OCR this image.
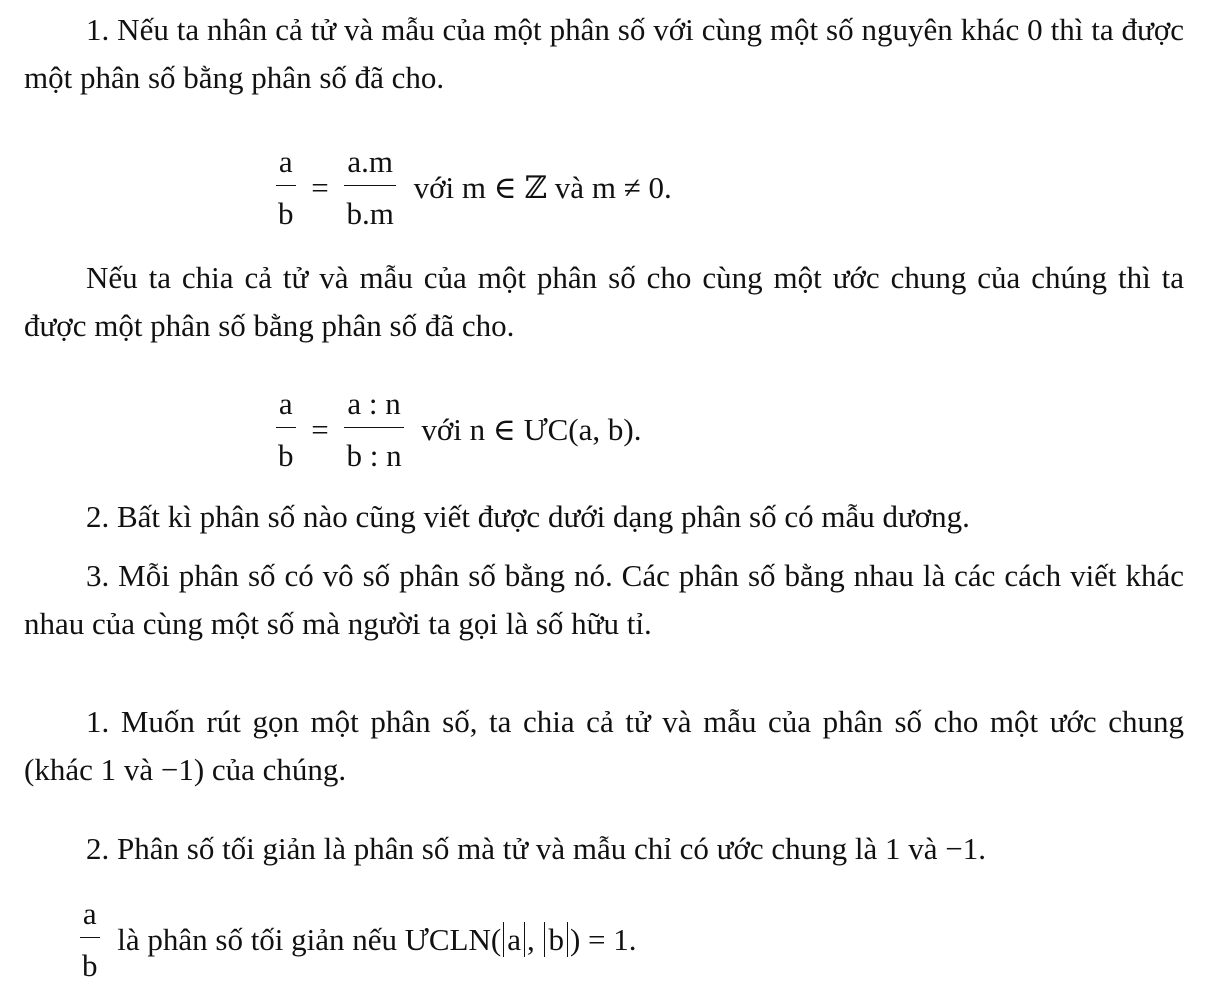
1. Nếu ta nhân cả tử và mẫu của một phân số với cùng một số nguyên khác 0 thì ta được một phân số bằng phân số đã cho.

$\frac{a}{b} = \frac{a.m}{b.m}$ với m ∈ ℤ và m ≠ 0.

Nếu ta chia cả tử và mẫu của một phân số cho cùng một ước chung của chúng thì ta được một phân số bằng phân số đã cho.

$\frac{a}{b} = \frac{a : n}{b : n}$ với n ∈ ƯC(a, b).

2. Bất kì phân số nào cũng viết được dưới dạng phân số có mẫu dương.

3. Mỗi phân số có vô số phân số bằng nó. Các phân số bằng nhau là các cách viết khác nhau của cùng một số mà người ta gọi là số hữu tỉ.

1. Muốn rút gọn một phân số, ta chia cả tử và mẫu của phân số cho một ước chung (khác 1 và −1) của chúng.

2. Phân số tối giản là phân số mà tử và mẫu chỉ có ước chung là 1 và −1.

$\frac{a}{b}$ là phân số tối giản nếu ƯCLN( a , b ) = 1.
